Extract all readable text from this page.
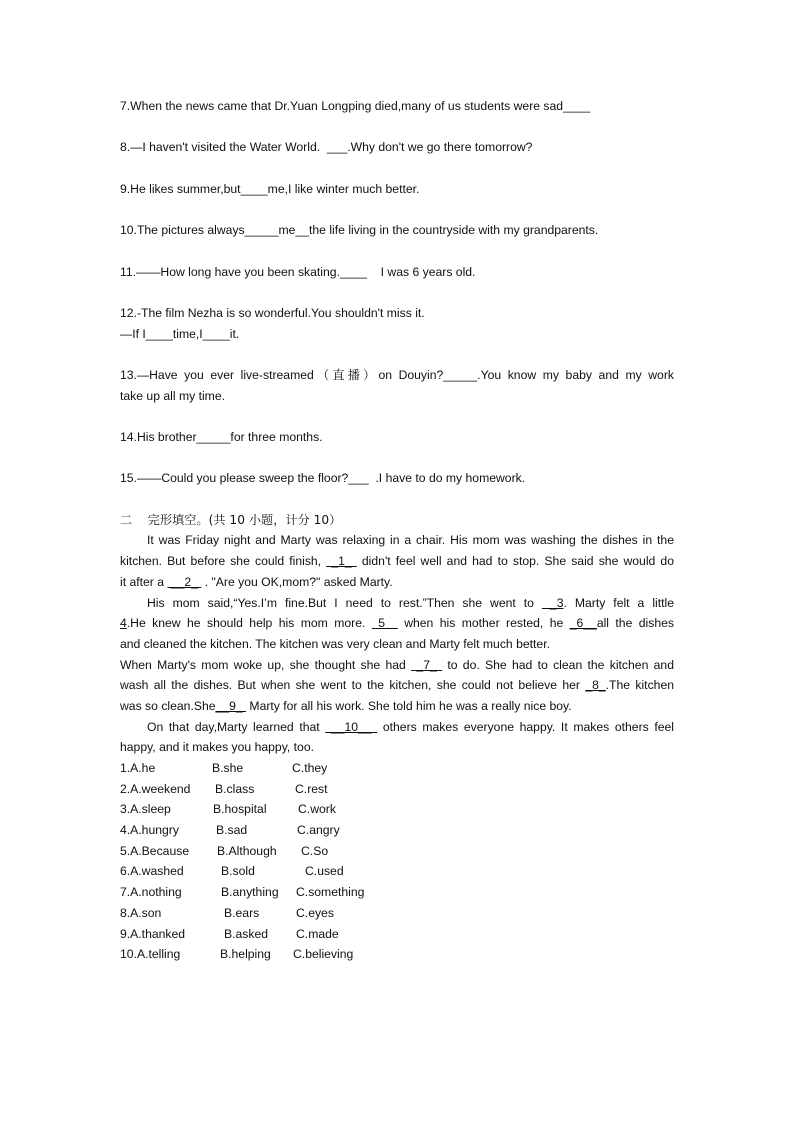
7.When the news came that Dr.Yuan Longping died,many of us students were sad____

8.—I haven't visited the Water World.  ___.Why don't we go there tomorrow?

9.He likes summer,but____me,I like winter much better.

10.The pictures always_____me__the life living in the countryside with my grandparents.

11.——How long have you been skating.____    I was 6 years old.

12.-The film Nezha is so wonderful.You shouldn't miss it.
—If I____time,I____it.

13.—Have you ever live-streamed（直播）on Douyin?_____.You know my baby and my work
take up all my time.

14.His brother_____for three months.

15.——Could you please sweep the floor?___  .I have to do my homework.

二    完形填空。(共 10 小题，计分 10）
It was Friday night and Marty was relaxing in a chair. His mom was washing the dishes in the
kitchen. But before she could finish,  _1_  didn't feel well and had to stop. She said she would do
it after a  __2_  . "Are you OK,mom?" asked Marty.
His mom said,“Yes.I’m fine.But I need to rest.”Then she went to  _3. Marty felt a little
4.He knew he should help his mom more.  5   when his mother rested, he _6__all the dishes
and cleaned the kitchen. The kitchen was very clean and Marty felt much better.
When Marty's mom woke up, she thought she had  _7_  to do. She had to clean the kitchen and
wash all the dishes. But when she went to the kitchen, she could not believe her _8_.The kitchen
was so clean.She__9_  Marty for all his work. She told him he was a really nice boy.
On that day,Marty learned that  __10__  others makes everyone happy. It makes others feel
happy, and it makes you happy, too.
1.A.he	B.she	C.they
2.A.weekend B.class	C.rest
3.A.sleep	B.hospital	C.work
4.A.hungry	B.sad	C.angry
5.A.Because B.Although C.So
6.A.washed	B.sold	C.used
7.A.nothing	B.anything C.something
8.A.son	B.ears	C.eyes
9.A.thanked	B.asked C.made
10.A.telling	B.helping C.believing
